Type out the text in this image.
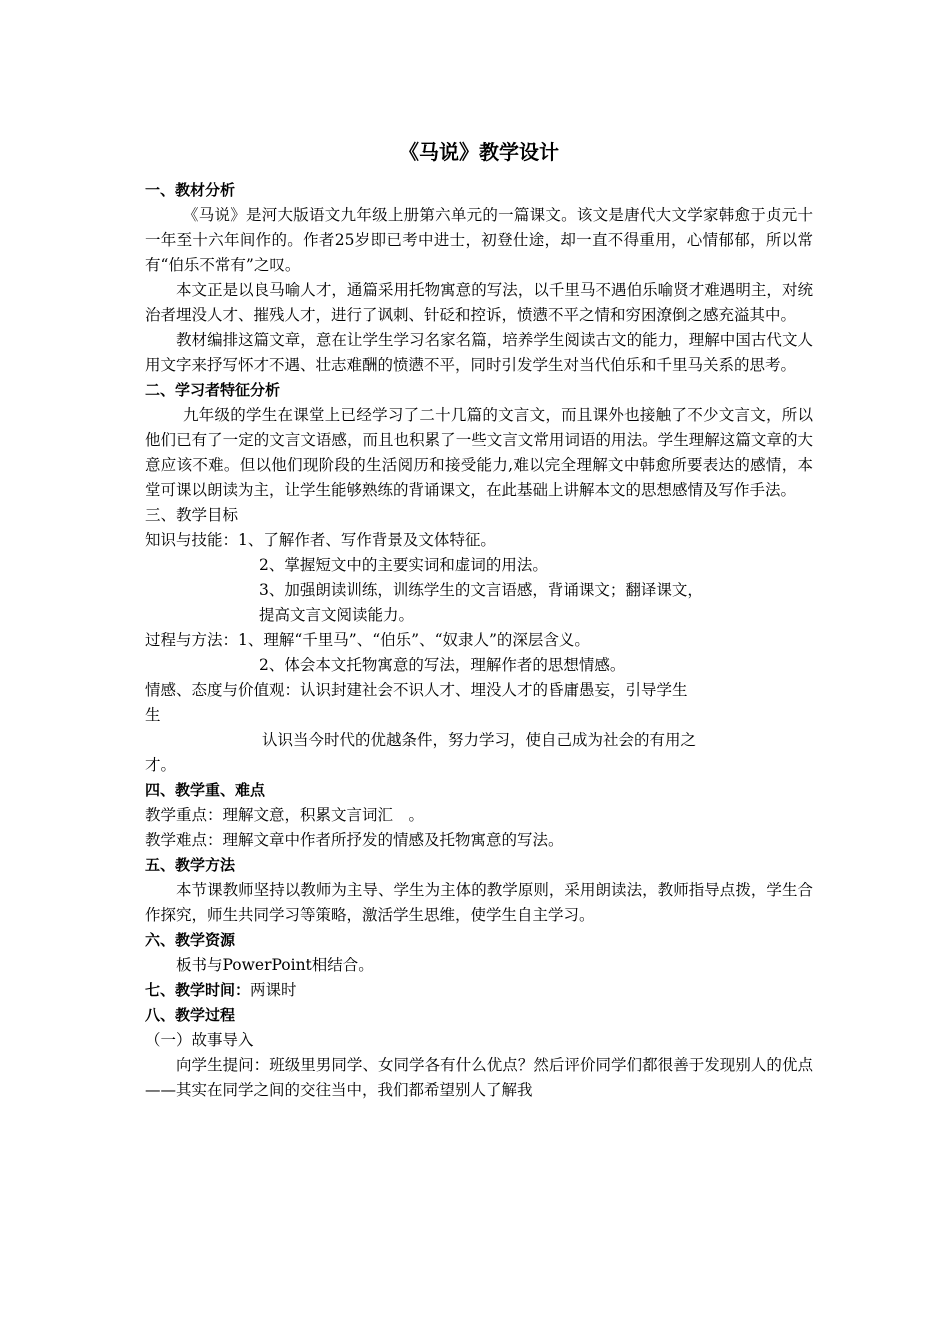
《马说》教学设计
一、教材分析

《马说》是河大版语文九年级上册第六单元的一篇课文。该文是唐代大文学家韩愈于贞元十一年至十六年间作的。作者25岁即已考中进士，初登仕途，却一直不得重用，心情郁郁，所以常有“伯乐不常有”之叹。

本文正是以良马喻人才，通篇采用托物寓意的写法，以千里马不遇伯乐喻贤才难遇明主，对统治者埋没人才、摧残人才，进行了讽刺、针砭和控诉，愤懑不平之情和穷困潦倒之感充溢其中。

教材编排这篇文章，意在让学生学习名家名篇，培养学生阅读古文的能力，理解中国古代文人用文字来抒写怀才不遇、壮志难酬的愤懑不平，同时引发学生对当代伯乐和千里马关系的思考。

二、学习者特征分析

九年级的学生在课堂上已经学习了二十几篇的文言文，而且课外也接触了不少文言文，所以他们已有了一定的文言文语感，而且也积累了一些文言文常用词语的用法。学生理解这篇文章的大意应该不难。但以他们现阶段的生活阅历和接受能力,难以完全理解文中韩愈所要表达的感情，本堂可课以朗读为主，让学生能够熟练的背诵课文，在此基础上讲解本文的思想感情及写作手法。

三、教学目标
知识与技能：1、了解作者、写作背景及文体特征。
2、掌握短文中的主要实词和虚词的用法。
3、加强朗读训练，训练学生的文言语感，背诵课文；翻译课文，
提高文言文阅读能力。
过程与方法：1、理解“千里马”、“伯乐”、“奴隶人”的深层含义。
2、体会本文托物寓意的写法，理解作者的思想情感。
情感、态度与价值观：认识封建社会不识人才、埋没人才的昏庸愚妄，引导学生
生
认识当今时代的优越条件，努力学习，使自己成为社会的有用之
才。
四、教学重、难点
教学重点：理解文意，积累文言词汇　。
教学难点：理解文章中作者所抒发的情感及托物寓意的写法。
五、教学方法

本节课教师坚持以教师为主导、学生为主体的教学原则，采用朗读法，教师指导点拨，学生合作探究，师生共同学习等策略，激活学生思维，使学生自主学习。

六、教学资源

板书与PowerPoint相结合。

七、教学时间：两课时
八、教学过程
（一）故事导入

向学生提问：班级里男同学、女同学各有什么优点？然后评价同学们都很善于发现别人的优点——其实在同学之间的交往当中，我们都希望别人了解我
